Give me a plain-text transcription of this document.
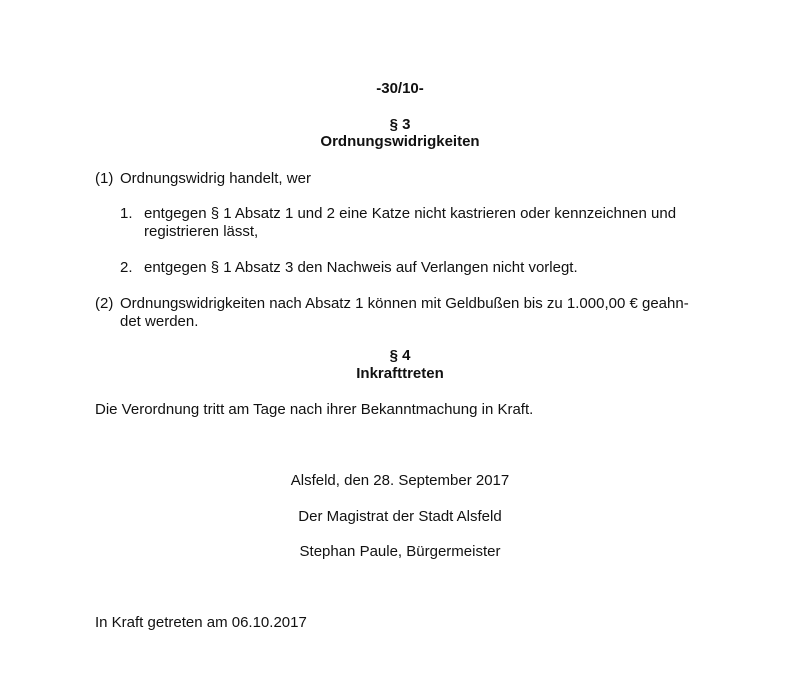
-30/10-
§ 3
Ordnungswidrigkeiten
(1) Ordnungswidrig handelt, wer
1. entgegen § 1 Absatz 1 und 2 eine Katze nicht kastrieren oder kennzeichnen und
registrieren lässt,
2. entgegen § 1 Absatz 3 den Nachweis auf Verlangen nicht vorlegt.
(2) Ordnungswidrigkeiten nach Absatz 1 können mit Geldbußen bis zu 1.000,00 € geahn-
det werden.
§ 4
Inkrafttreten
Die Verordnung tritt am Tage nach ihrer Bekanntmachung in Kraft.
Alsfeld, den 28. September 2017
Der Magistrat der Stadt Alsfeld
Stephan Paule, Bürgermeister
In Kraft getreten am 06.10.2017
